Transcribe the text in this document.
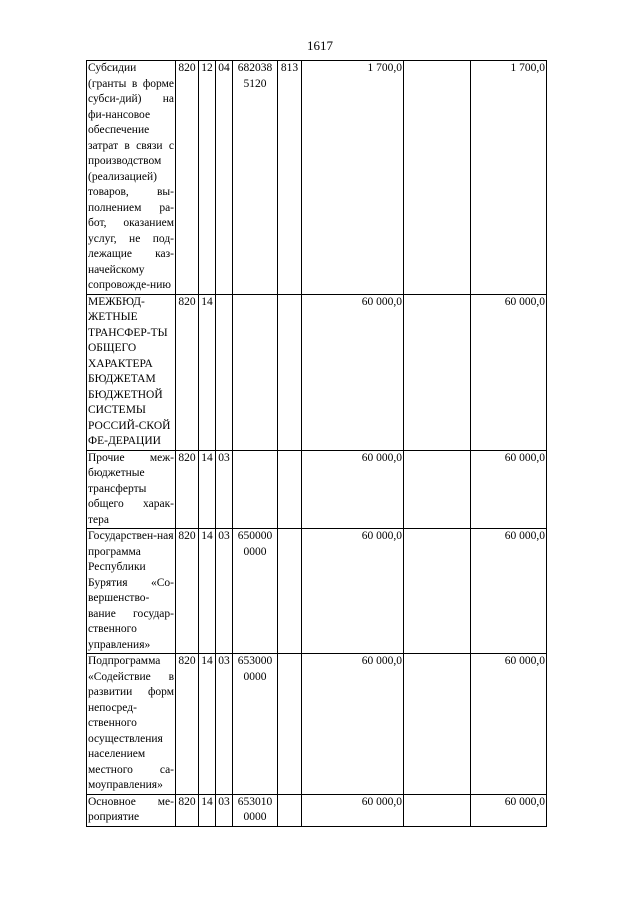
1617
Субсидии (гранты в форме субси-дий) на фи-нансовое обеспечение затрат в связи с производством (реализацией) товаров, вы-полнением ра-бот, оказанием услуг, не под-лежащие каз-начейскому сопровожде-нию	820	12	04	682038 5120	813	1 700,0		1 700,0	
МЕЖБЮД-ЖЕТНЫЕ ТРАНСФЕР-ТЫ ОБЩЕГО ХАРАКТЕРА БЮДЖЕТАМ БЮДЖЕТНОЙ СИСТЕМЫ РОССИЙ-СКОЙ ФЕ-ДЕРАЦИИ	820	14				60 000,0		60 000,0	
Прочие меж-бюджетные трансферты общего харак-тера	820	14	03			60 000,0		60 000,0	
Государствен-ная программа Республики Бурятия «Со-вершенство-вание государ-ственного управления»	820	14	03	650000 0000		60 000,0		60 000,0	
Подпрограмма «Содействие в развитии форм непосред-ственного осуществления населением местного са-моуправления»	820	14	03	653000 0000		60 000,0		60 000,0	
Основное ме-роприятие	820	14	03	653010 0000		60 000,0		60 000,0	
